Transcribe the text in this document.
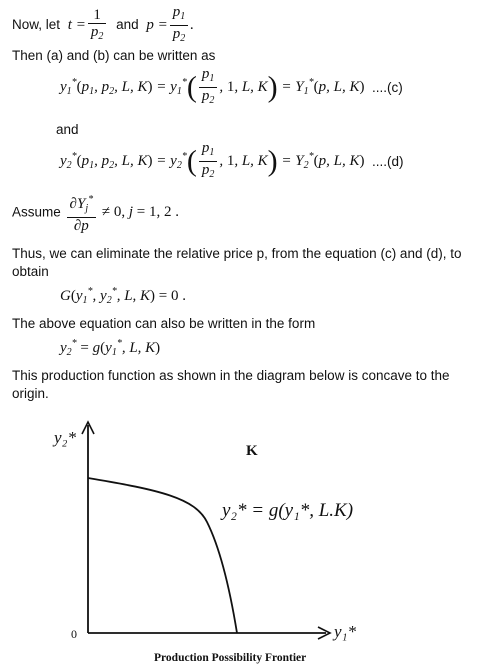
Now, let $t = \frac{1}{p_2}$ and $p = \frac{p_1}{p_2}$ .
Then (a) and (b) can be written as
$y_1^*(p_1$, $p_2$, L, $K) = y_1^*( \frac{p_1}{p_2}$ , 1, L, $K) = Y_1^*(p$, L, K) ....(c)
and
$y_2^*(p_1$, $p_2$, L, $K) = y_2^*( \frac{p_1}{p_2}$ , 1, L, $K) = Y_2^*(p$, L, K) ....(d)
Assume $\frac{\partial Y_j^*}{\partial p} \ne 0$, j = 1, 2 .
Thus, we can eliminate the relative price p, from the equation (c) and (d), to obtain
$G(y_1^*$, $y_2^*$, L, K) = 0 .
The above equation can also be written in the form
$y_2^* = g(y_1^*$, L, K)
This production function as shown in the diagram below is concave to the origin.
y₂*
y₁*
0
K
y₂* = g(y₁*, L.K)
Production Possibility Frontier
